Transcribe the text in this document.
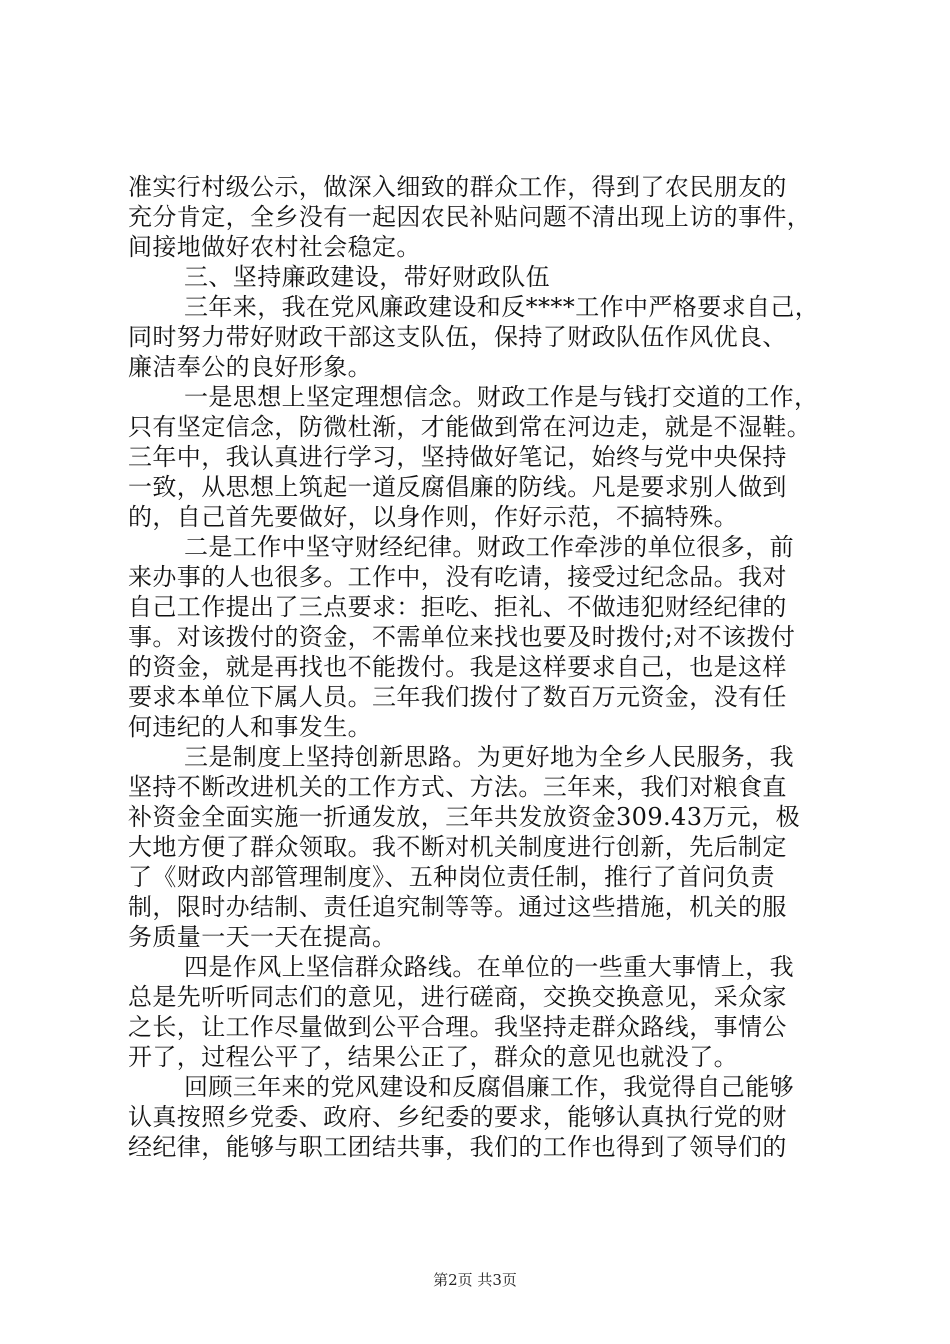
准实行村级公示，做深入细致的群众工作，得到了农民朋友的
充分肯定，全乡没有一起因农民补贴问题不清出现上访的事件，
间接地做好农村社会稳定。
三、坚持廉政建设，带好财政队伍
三年来，我在党风廉政建设和反****工作中严格要求自己，
同时努力带好财政干部这支队伍，保持了财政队伍作风优良、
廉洁奉公的良好形象。
一是思想上坚定理想信念。财政工作是与钱打交道的工作，
只有坚定信念，防微杜渐，才能做到常在河边走，就是不湿鞋。
三年中，我认真进行学习，坚持做好笔记，始终与党中央保持
一致，从思想上筑起一道反腐倡廉的防线。凡是要求别人做到
的，自己首先要做好，以身作则，作好示范，不搞特殊。
二是工作中坚守财经纪律。财政工作牵涉的单位很多，前
来办事的人也很多。工作中，没有吃请，接受过纪念品。我对
自己工作提出了三点要求：拒吃、拒礼、不做违犯财经纪律的
事。对该拨付的资金，不需单位来找也要及时拨付;对不该拨付
的资金，就是再找也不能拨付。我是这样要求自己，也是这样
要求本单位下属人员。三年我们拨付了数百万元资金，没有任
何违纪的人和事发生。
三是制度上坚持创新思路。为更好地为全乡人民服务，我
坚持不断改进机关的工作方式、方法。三年来，我们对粮食直
补资金全面实施一折通发放，三年共发放资金309.43万元，极
大地方便了群众领取。我不断对机关制度进行创新，先后制定
了《财政内部管理制度》、五种岗位责任制，推行了首问负责
制，限时办结制、责任追究制等等。通过这些措施，机关的服
务质量一天一天在提高。
四是作风上坚信群众路线。在单位的一些重大事情上，我
总是先听听同志们的意见，进行磋商，交换交换意见，采众家
之长，让工作尽量做到公平合理。我坚持走群众路线，事情公
开了，过程公平了，结果公正了，群众的意见也就没了。
回顾三年来的党风建设和反腐倡廉工作，我觉得自己能够
认真按照乡党委、政府、乡纪委的要求，能够认真执行党的财
经纪律，能够与职工团结共事，我们的工作也得到了领导们的
第2页 共3页
